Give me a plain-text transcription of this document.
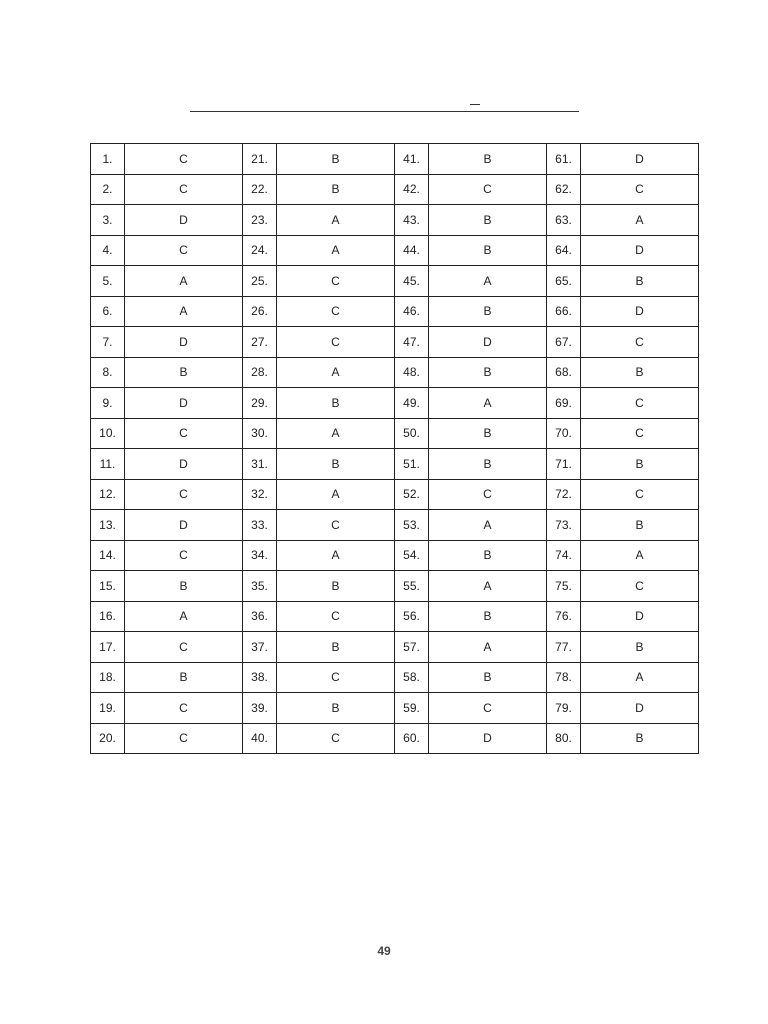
1.	C	21.	B	41.	B	61.	D
2.	C	22.	B	42.	C	62.	C
3.	D	23.	A	43.	B	63.	A
4.	C	24.	A	44.	B	64.	D
5.	A	25.	C	45.	A	65.	B
6.	A	26.	C	46.	B	66.	D
7.	D	27.	C	47.	D	67.	C
8.	B	28.	A	48.	B	68.	B
9.	D	29.	B	49.	A	69.	C
10.	C	30.	A	50.	B	70.	C
11.	D	31.	B	51.	B	71.	B
12.	C	32.	A	52.	C	72.	C
13.	D	33.	C	53.	A	73.	B
14.	C	34.	A	54.	B	74.	A
15.	B	35.	B	55.	A	75.	C
16.	A	36.	C	56.	B	76.	D
17.	C	37.	B	57.	A	77.	B
18.	B	38.	C	58.	B	78.	A
19.	C	39.	B	59.	C	79.	D
20.	C	40.	C	60.	D	80.	B
49
